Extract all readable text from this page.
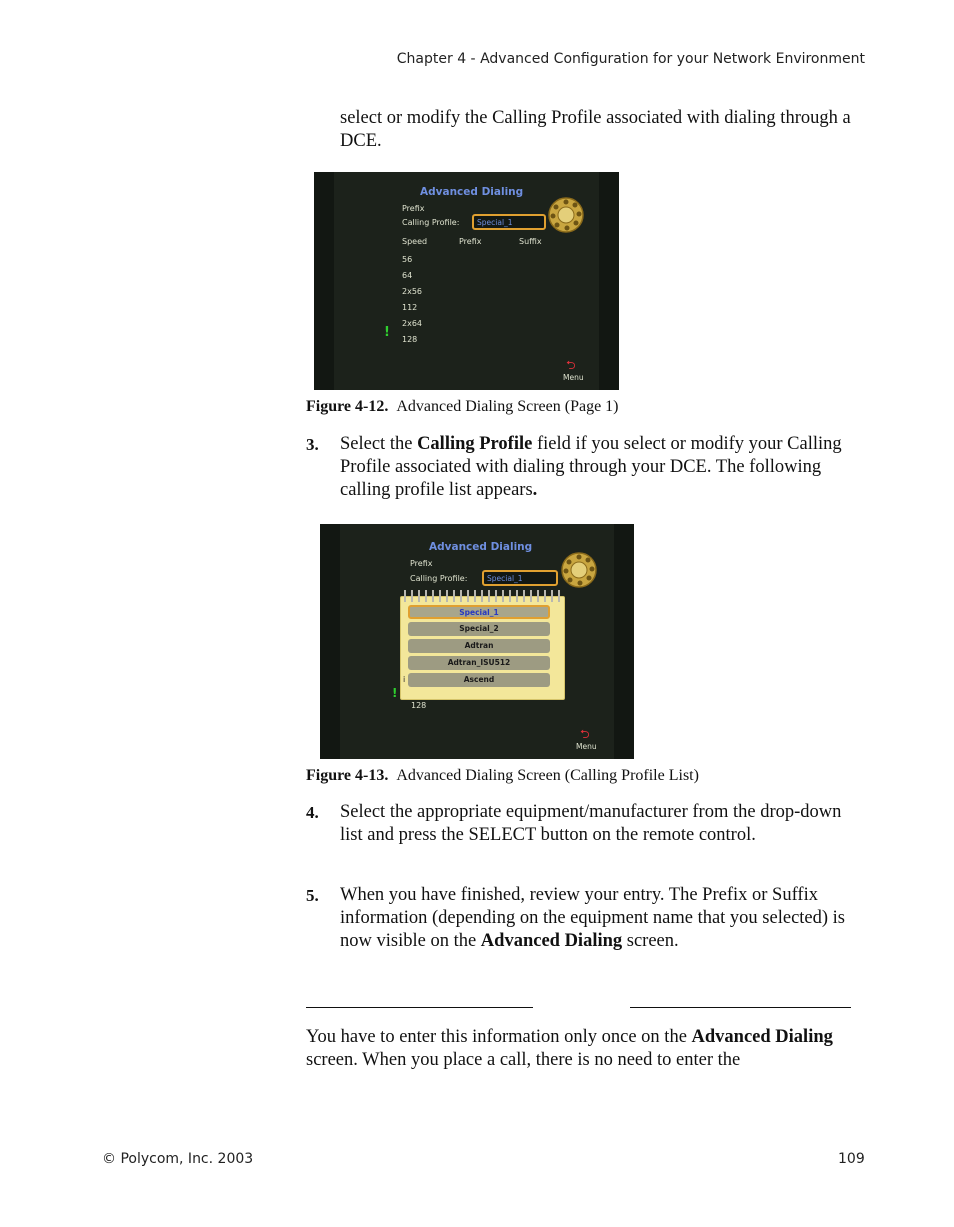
Chapter 4 - Advanced Configuration for your Network Environment

select or modify the Calling Profile associated with dialing through a DCE.

Advanced Dialing
Prefix
Calling Profile: Special_1
Speed	Prefix	Suffix
56
64
2x56
112
2x64
128
!
⮌
Menu
Figure 4-12. Advanced Dialing Screen (Page 1)
3. Select the Calling Profile field if you select or modify your Calling Profile associated with dialing through your DCE. The following calling profile list appears.

Advanced Dialing
Prefix
Calling Profile:	Special_1
Special_1
Special_2
Adtran
Adtran_ISU512
Ascend
i
!
128
⮌
Menu
Figure 4-13. Advanced Dialing Screen (Calling Profile List)
4. Select the appropriate equipment/manufacturer from the drop-down list and press the SELECT button on the remote control.

5. When you have finished, review your entry. The Prefix or Suffix information (depending on the equipment name that you selected) is now visible on the Advanced Dialing screen.

You have to enter this information only once on the Advanced Dialing screen. When you place a call, there is no need to enter the

© Polycom, Inc. 2003	109
